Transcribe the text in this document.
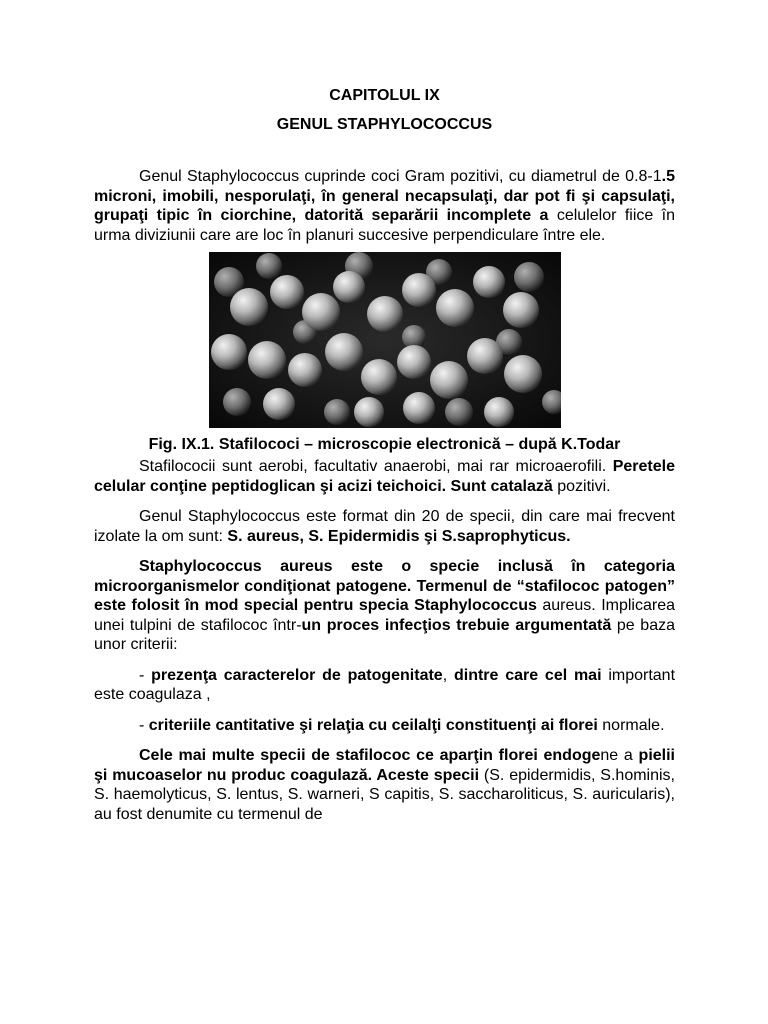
CAPITOLUL IX
GENUL STAPHYLOCOCCUS

Genul Staphylococcus cuprinde coci Gram pozitivi, cu diametrul de 0.8-1.5 microni, imobili, nesporulaţi, în general necapsulaţi, dar pot fi şi capsulaţi, grupaţi tipic în ciorchine, datorită separării incomplete a celulelor fiice în urma diviziunii care are loc în planuri succesive perpendiculare între ele.

Fig. IX.1. Stafilococi – microscopie electronică – după K.Todar

Stafilococii sunt aerobi, facultativ anaerobi, mai rar microaerofili. Peretele celular conţine peptidoglican şi acizi teichoici. Sunt catalază pozitivi.

Genul Staphylococcus este format din 20 de specii, din care mai frecvent izolate la om sunt: S. aureus, S. Epidermidis şi S.saprophyticus.

Staphylococcus aureus este o specie inclusă în categoria microorganismelor condiţionat patogene. Termenul de “stafilococ patogen” este folosit în mod special pentru specia Staphylococcus aureus. Implicarea unei tulpini de stafilococ într-un proces infecţios trebuie argumentată pe baza unor criterii:

- prezenţa caracterelor de patogenitate, dintre care cel mai important este coagulaza ,

- criteriile cantitative şi relaţia cu ceilalţi constituenţi ai florei normale.

Cele mai multe specii de stafilococ ce aparţin florei endogene a pielii şi mucoaselor nu produc coagulază. Aceste specii (S. epidermidis, S.hominis, S. haemolyticus, S. lentus, S. warneri, S capitis, S. saccharoliticus, S. auricularis), au fost denumite cu termenul de
